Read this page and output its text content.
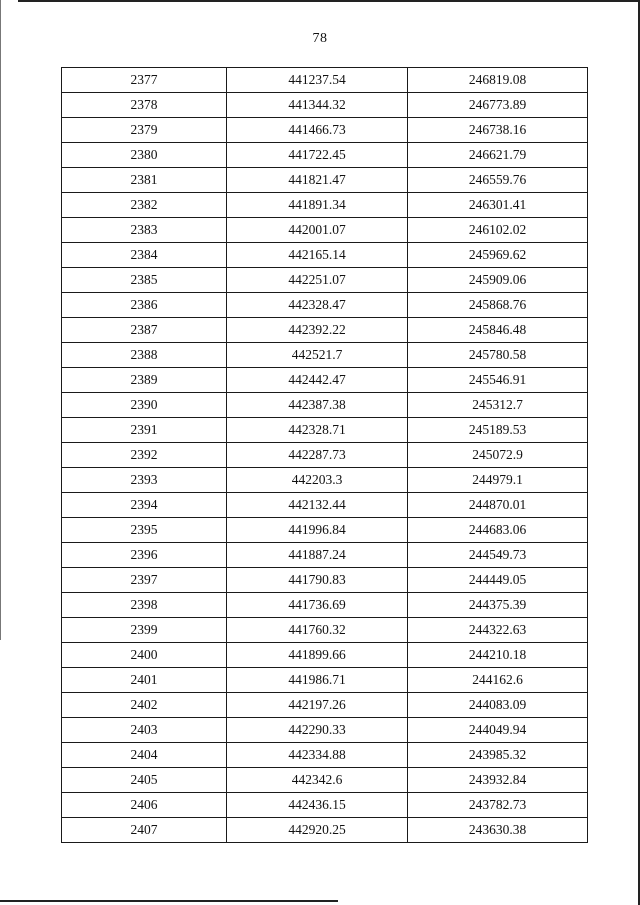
78
2377	441237.54	246819.08
2378	441344.32	246773.89
2379	441466.73	246738.16
2380	441722.45	246621.79
2381	441821.47	246559.76
2382	441891.34	246301.41
2383	442001.07	246102.02
2384	442165.14	245969.62
2385	442251.07	245909.06
2386	442328.47	245868.76
2387	442392.22	245846.48
2388	442521.7	245780.58
2389	442442.47	245546.91
2390	442387.38	245312.7
2391	442328.71	245189.53
2392	442287.73	245072.9
2393	442203.3	244979.1
2394	442132.44	244870.01
2395	441996.84	244683.06
2396	441887.24	244549.73
2397	441790.83	244449.05
2398	441736.69	244375.39
2399	441760.32	244322.63
2400	441899.66	244210.18
2401	441986.71	244162.6
2402	442197.26	244083.09
2403	442290.33	244049.94
2404	442334.88	243985.32
2405	442342.6	243932.84
2406	442436.15	243782.73
2407	442920.25	243630.38
